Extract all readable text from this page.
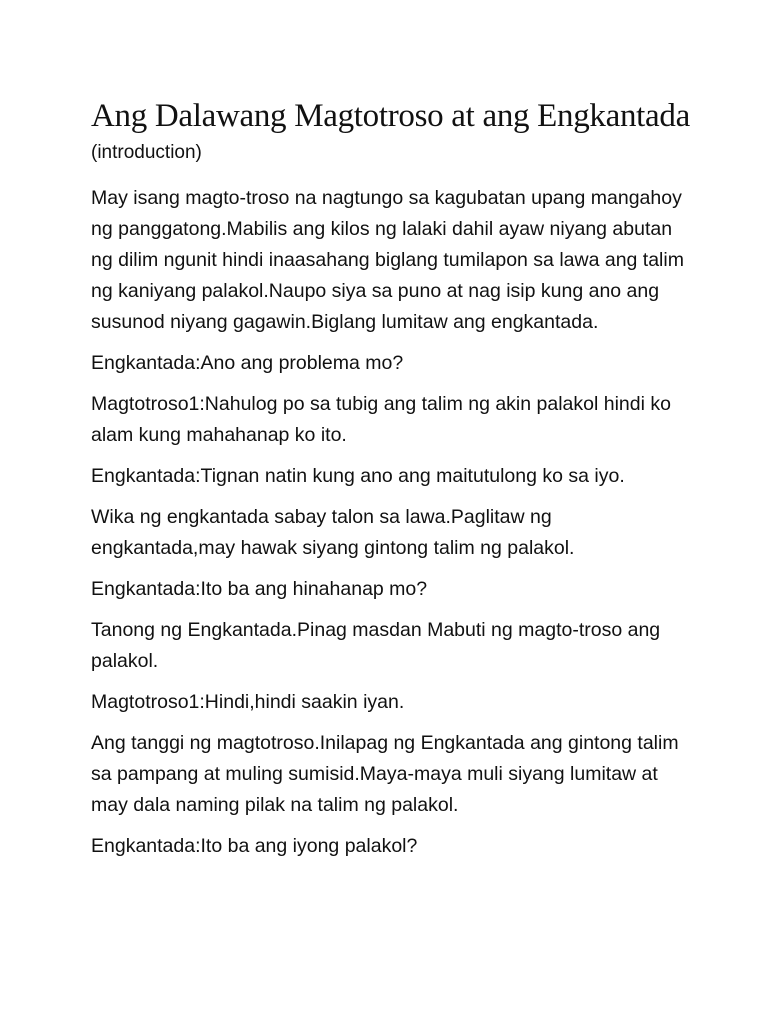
Ang Dalawang Magtotroso at ang Engkantada
(introduction)

May isang magto-troso na nagtungo sa kagubatan upang mangahoy ng panggatong.Mabilis ang kilos ng lalaki dahil ayaw niyang abutan ng dilim ngunit hindi inaasahang biglang tumilapon sa lawa ang talim ng kaniyang palakol.Naupo siya sa puno at nag isip kung ano ang susunod niyang gagawin.Biglang lumitaw ang engkantada.

Engkantada:Ano ang problema mo?

Magtotroso1:Nahulog po sa tubig ang talim ng akin palakol hindi ko alam kung mahahanap ko ito.

Engkantada:Tignan natin kung ano ang maitutulong ko sa iyo.

Wika ng engkantada sabay talon sa lawa.Paglitaw ng engkantada,may hawak siyang gintong talim ng palakol.

Engkantada:Ito ba ang hinahanap mo?

Tanong ng Engkantada.Pinag masdan Mabuti ng magto-troso ang palakol.

Magtotroso1:Hindi,hindi saakin iyan.

Ang tanggi ng magtotroso.Inilapag ng Engkantada ang gintong talim sa pampang at muling sumisid.Maya-maya muli siyang lumitaw at may dala naming pilak na talim ng palakol.

Engkantada:Ito ba ang iyong palakol?
